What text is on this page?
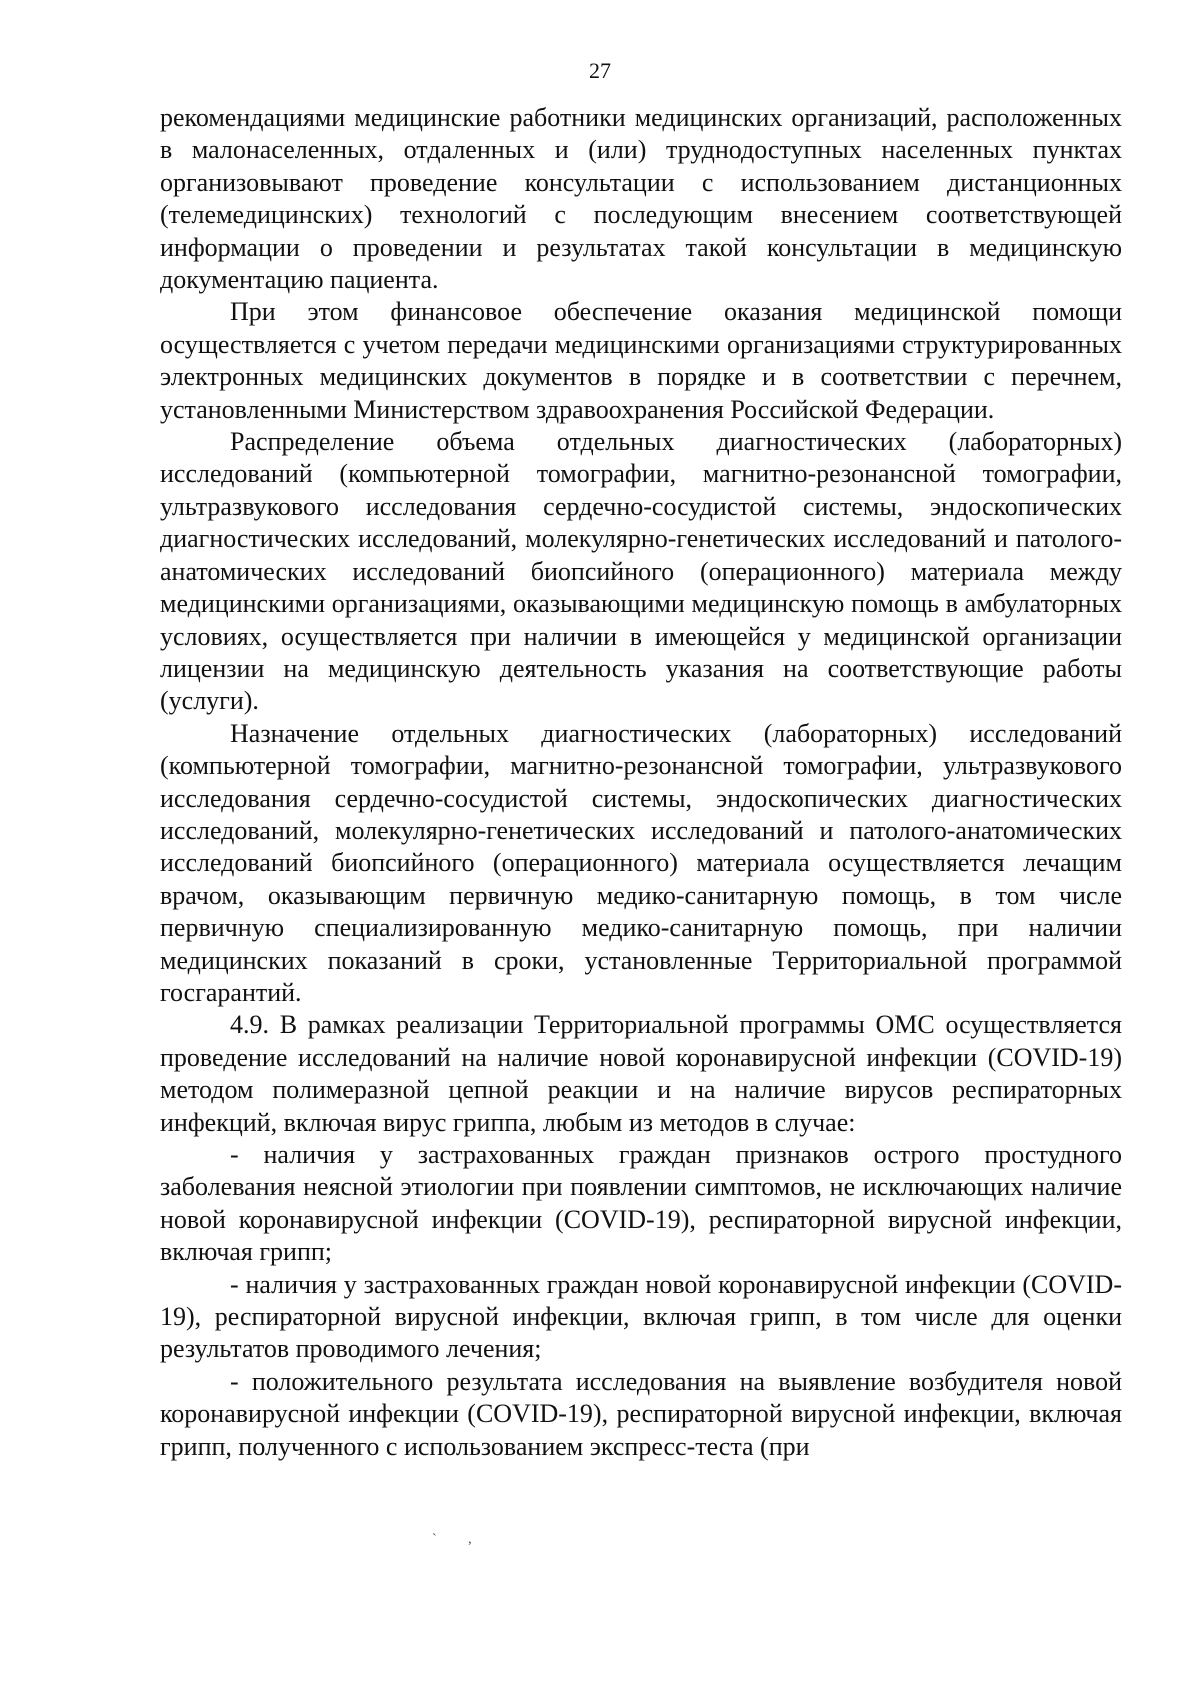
27

рекомендациями медицинские работники медицинских организаций, расположенных в малонаселенных, отдаленных и (или) труднодоступных населенных пунктах организовывают проведение консультации с использованием дистанционных (телемедицинских) технологий с последующим внесением соответствующей информации о проведении и результатах такой консультации в медицинскую документацию пациента.

При этом финансовое обеспечение оказания медицинской помощи осуществляется с учетом передачи медицинскими организациями структурированных электронных медицинских документов в порядке и в соответствии с перечнем, установленными Министерством здравоохранения Российской Федерации.

Распределение объема отдельных диагностических (лабораторных) исследований (компьютерной томографии, магнитно-резонансной томографии, ультразвукового исследования сердечно-сосудистой системы, эндоскопических диагностических исследований, молекулярно-генетических исследований и патолого-анатомических исследований биопсийного (операционного) материала между медицинскими организациями, оказывающими медицинскую помощь в амбулаторных условиях, осуществляется при наличии в имеющейся у медицинской организации лицензии на медицинскую деятельность указания на соответствующие работы (услуги).

Назначение отдельных диагностических (лабораторных) исследований (компьютерной томографии, магнитно-резонансной томографии, ультразвукового исследования сердечно-сосудистой системы, эндоскопических диагностических исследований, молекулярно-генетических исследований и патолого-анатомических исследований биопсийного (операционного) материала осуществляется лечащим врачом, оказывающим первичную медико-санитарную помощь, в том числе первичную специализированную медико-санитарную помощь, при наличии медицинских показаний в сроки, установленные Территориальной программой госгарантий.

4.9. В рамках реализации Территориальной программы ОМС осуществляется проведение исследований на наличие новой коронавирусной инфекции (COVID-19) методом полимеразной цепной реакции и на наличие вирусов респираторных инфекций, включая вирус гриппа, любым из методов в случае:

- наличия у застрахованных граждан признаков острого простудного заболевания неясной этиологии при появлении симптомов, не исключающих наличие новой коронавирусной инфекции (COVID-19), респираторной вирусной инфекции, включая грипп;

- наличия у застрахованных граждан новой коронавирусной инфекции (COVID-19), респираторной вирусной инфекции, включая грипп, в том числе для оценки результатов проводимого лечения;

- положительного результата исследования на выявление возбудителя новой коронавирусной инфекции (COVID-19), респираторной вирусной инфекции, включая грипп, полученного с использованием экспресс-теста (при

` ,
